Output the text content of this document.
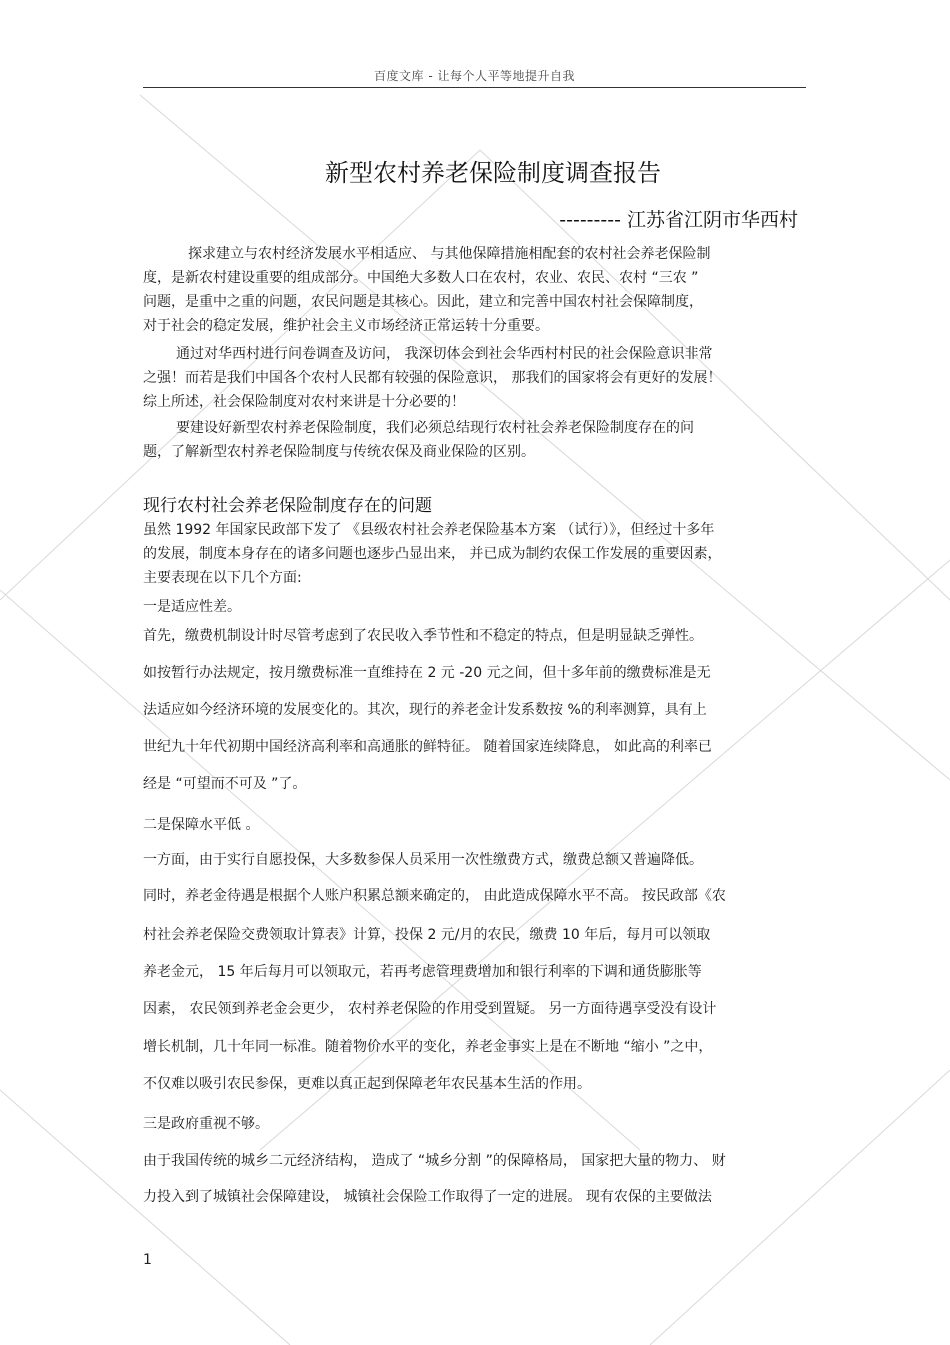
百度文库 - 让每个人平等地提升自我
新型农村养老保险制度调查报告
--------- 江苏省江阴市华西村
探求建立与农村经济发展水平相适应、 与其他保障措施相配套的农村社会养老保险制
度，是新农村建设重要的组成部分。中国绝大多数人口在农村，农业、农民、农村 “三农 ”
问题，是重中之重的问题，农民问题是其核心。因此，建立和完善中国农村社会保障制度，
对于社会的稳定发展，维护社会主义市场经济正常运转十分重要。
通过对华西村进行问卷调查及访问， 我深切体会到社会华西村村民的社会保险意识非常
之强！而若是我们中国各个农村人民都有较强的保险意识， 那我们的国家将会有更好的发展！
综上所述，社会保险制度对农村来讲是十分必要的！
要建设好新型农村养老保险制度，我们必须总结现行农村社会养老保险制度存在的问
题，了解新型农村养老保险制度与传统农保及商业保险的区别。
现行农村社会养老保险制度存在的问题
虽然 1992 年国家民政部下发了 《县级农村社会养老保险基本方案 （试行）》，但经过十多年
的发展，制度本身存在的诸多问题也逐步凸显出来， 并已成为制约农保工作发展的重要因素，
主要表现在以下几个方面:
一是适应性差。
首先，缴费机制设计时尽管考虑到了农民收入季节性和不稳定的特点，但是明显缺乏弹性。
如按暂行办法规定，按月缴费标准一直维持在 2 元 -20 元之间，但十多年前的缴费标准是无
法适应如今经济环境的发展变化的。其次，现行的养老金计发系数按 %的利率测算，具有上
世纪九十年代初期中国经济高利率和高通胀的鲜特征。 随着国家连续降息， 如此高的利率已
经是 “可望而不可及 ”了。
二是保障水平低 。
一方面，由于实行自愿投保，大多数参保人员采用一次性缴费方式，缴费总额又普遍降低。
同时，养老金待遇是根据个人账户积累总额来确定的， 由此造成保障水平不高。 按民政部《农
村社会养老保险交费领取计算表》计算，投保 2 元/月的农民，缴费 10 年后，每月可以领取
养老金元， 15 年后每月可以领取元，若再考虑管理费增加和银行利率的下调和通货膨胀等
因素， 农民领到养老金会更少， 农村养老保险的作用受到置疑。 另一方面待遇享受没有设计
增长机制，几十年同一标准。随着物价水平的变化，养老金事实上是在不断地 “缩小 ”之中，
不仅难以吸引农民参保，更难以真正起到保障老年农民基本生活的作用。
三是政府重视不够。
由于我国传统的城乡二元经济结构， 造成了 “城乡分割 ”的保障格局， 国家把大量的物力、 财
力投入到了城镇社会保障建设， 城镇社会保险工作取得了一定的进展。 现有农保的主要做法
1
